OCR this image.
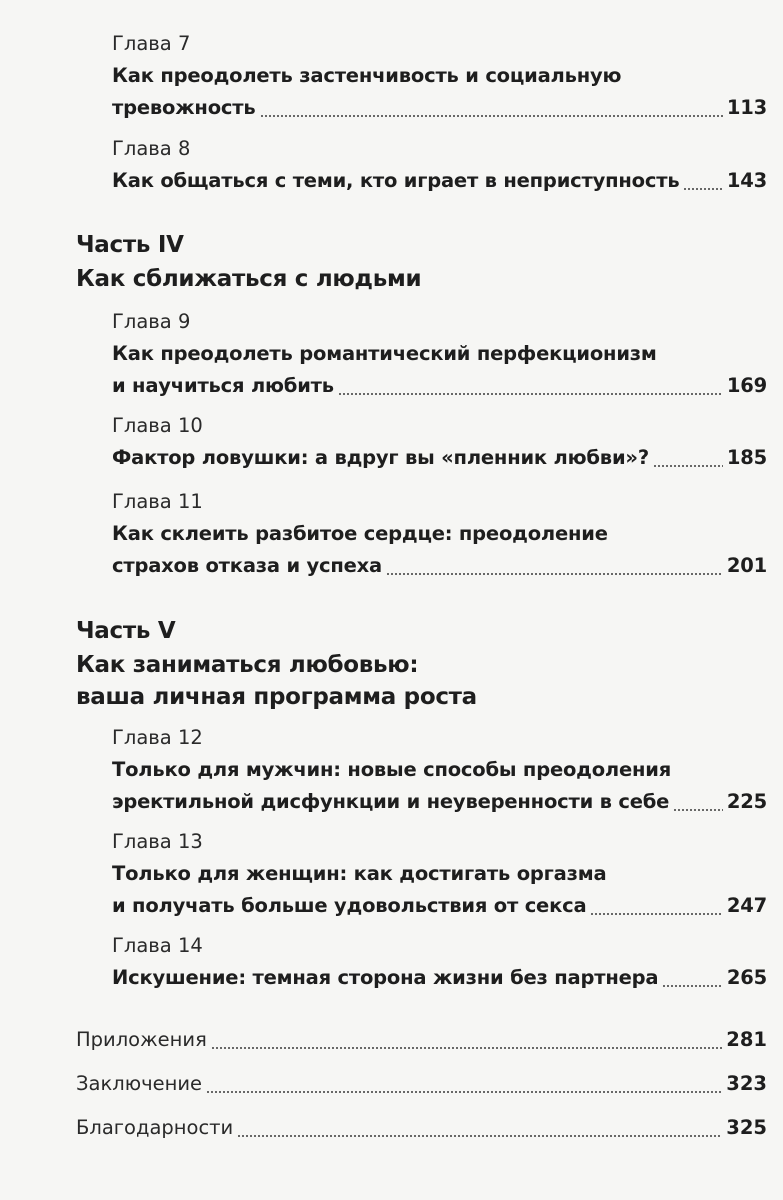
Глава 7
Как преодолеть застенчивость и социальную
тревожность	113
Глава 8
Как общаться с теми, кто играет в неприступность 143
Часть IV
Как сближаться с людьми
Глава 9
Как преодолеть романтический перфекционизм
и научиться любить	169
Глава 10
Фактор ловушки: а вдруг вы «пленник любви»?	185
Глава 11
Как склеить разбитое сердце: преодоление
страхов отказа и успеха	201
Часть V
Как заниматься любовью:
ваша личная программа роста
Глава 12
Только для мужчин: новые способы преодоления
эректильной дисфункции и неуверенности в себе	225
Глава 13
Только для женщин: как достигать оргазма
и получать больше удовольствия от секса	247
Глава 14
Искушение: темная сторона жизни без партнера	265
Приложения	281
Заключение	323
Благодарности	325
